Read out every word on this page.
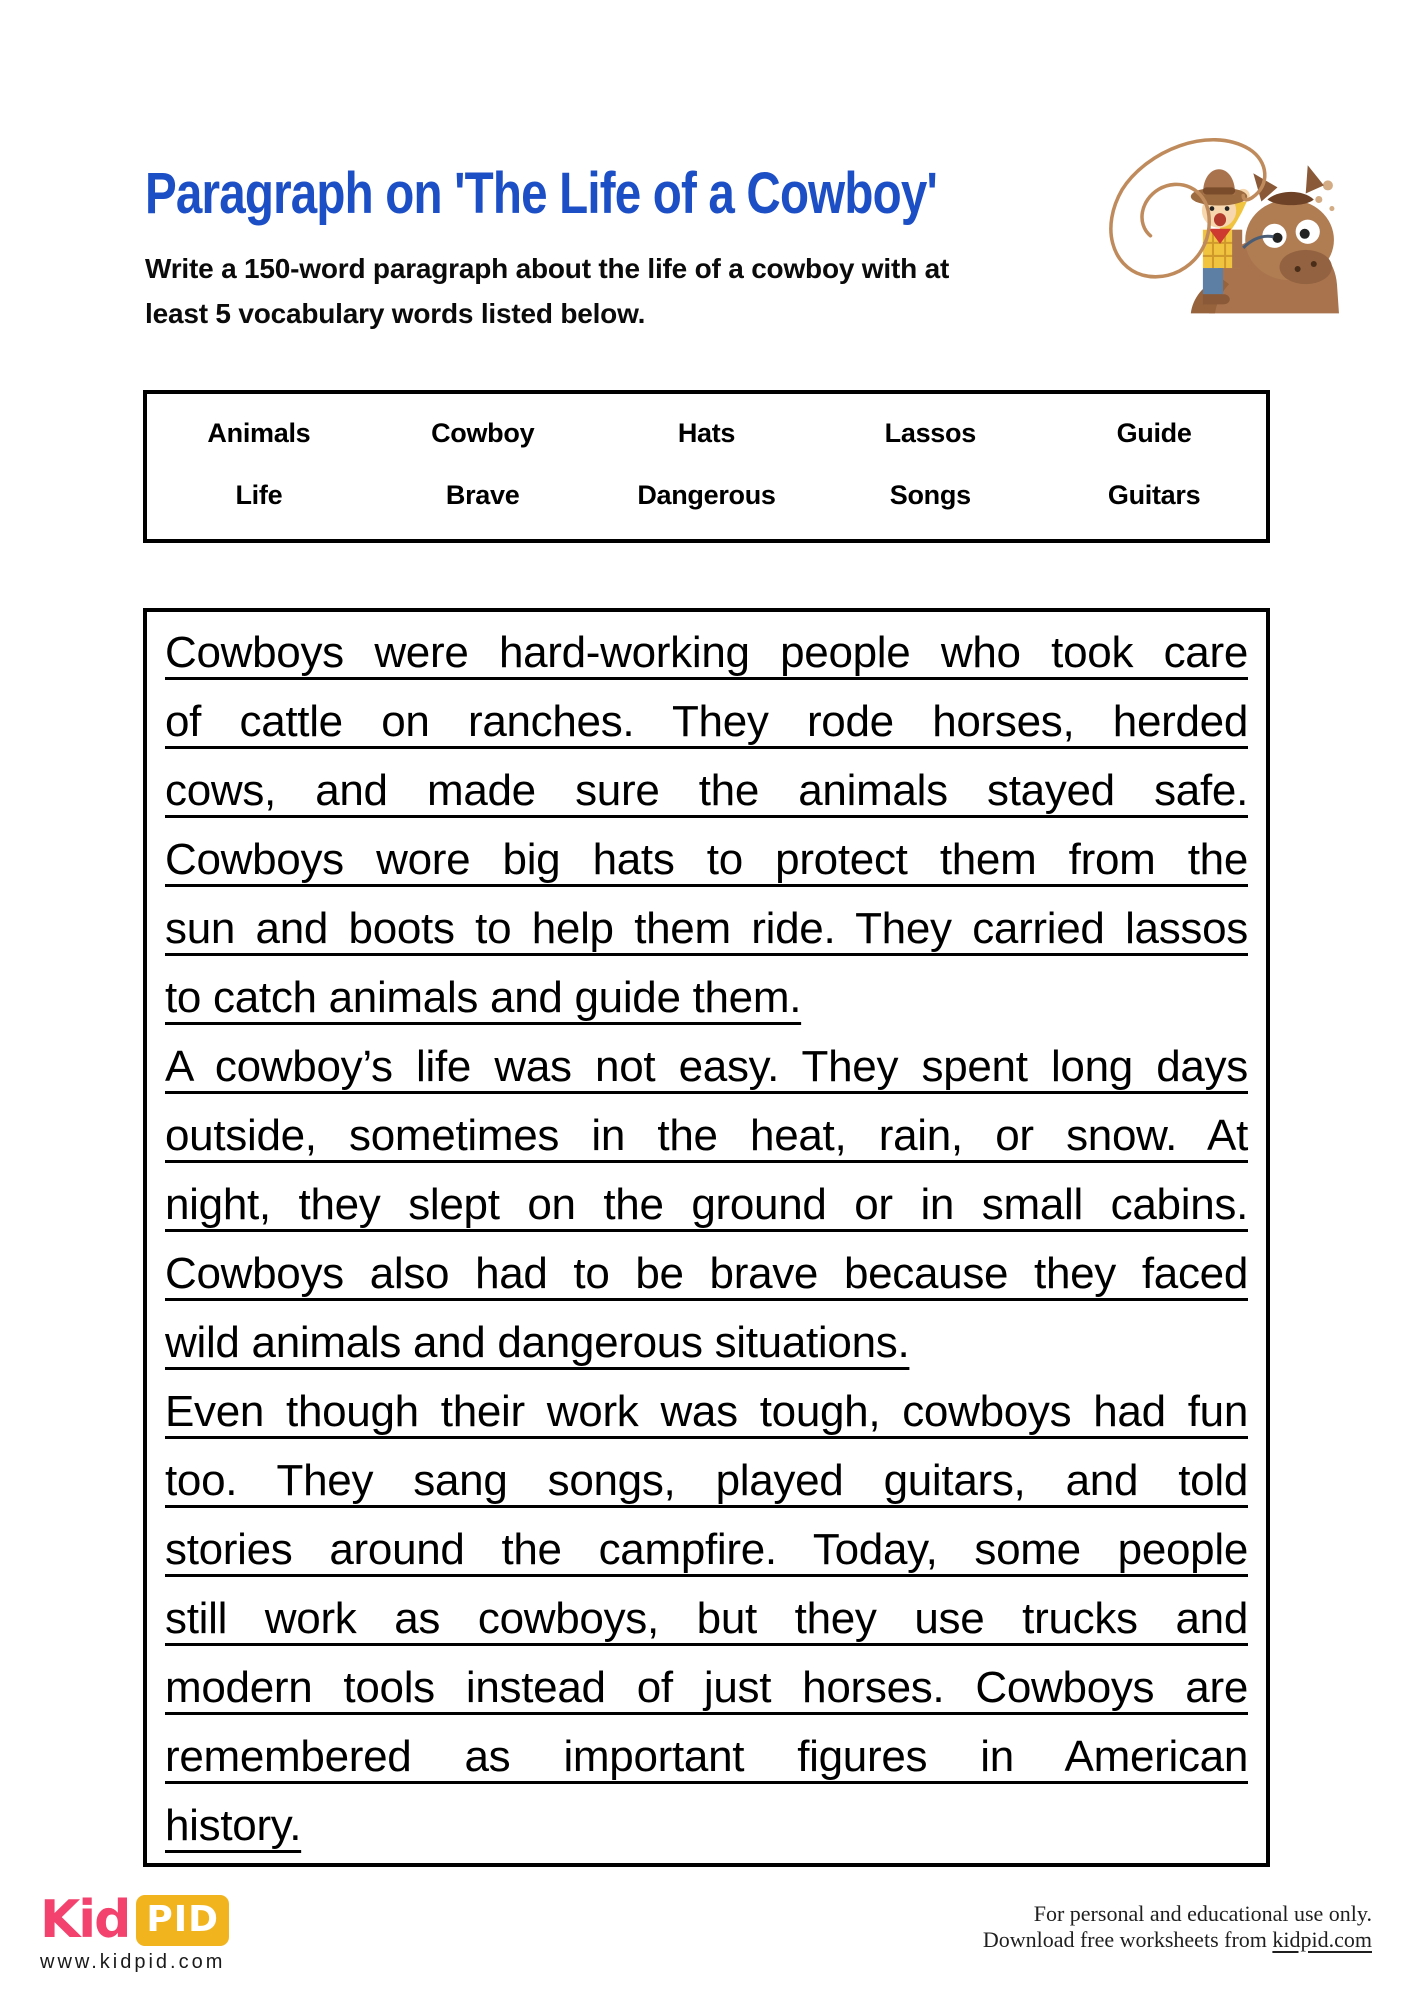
Paragraph on 'The Life of a Cowboy'
Write a 150-word paragraph about the life of a cowboy with at
least 5 vocabulary words listed below.
Animals	Cowboy	Hats	Lassos	Guide
Life	Brave	Dangerous	Songs	Guitars
Cowboys were hard-working people who took care
of cattle on ranches. They rode horses, herded
cows, and made sure the animals stayed safe.
Cowboys wore big hats to protect them from the
sun and boots to help them ride. They carried lassos
to catch animals and guide them.
A cowboy’s life was not easy. They spent long days
outside, sometimes in the heat, rain, or snow. At
night, they slept on the ground or in small cabins.
Cowboys also had to be brave because they faced
wild animals and dangerous situations.
Even though their work was tough, cowboys had fun
too. They sang songs, played guitars, and told
stories around the campfire. Today, some people
still work as cowboys, but they use trucks and
modern tools instead of just horses. Cowboys are
remembered as important figures in American
history.
Kid PID
www.kidpid.com
For personal and educational use only.
Download free worksheets from kidpid.com
